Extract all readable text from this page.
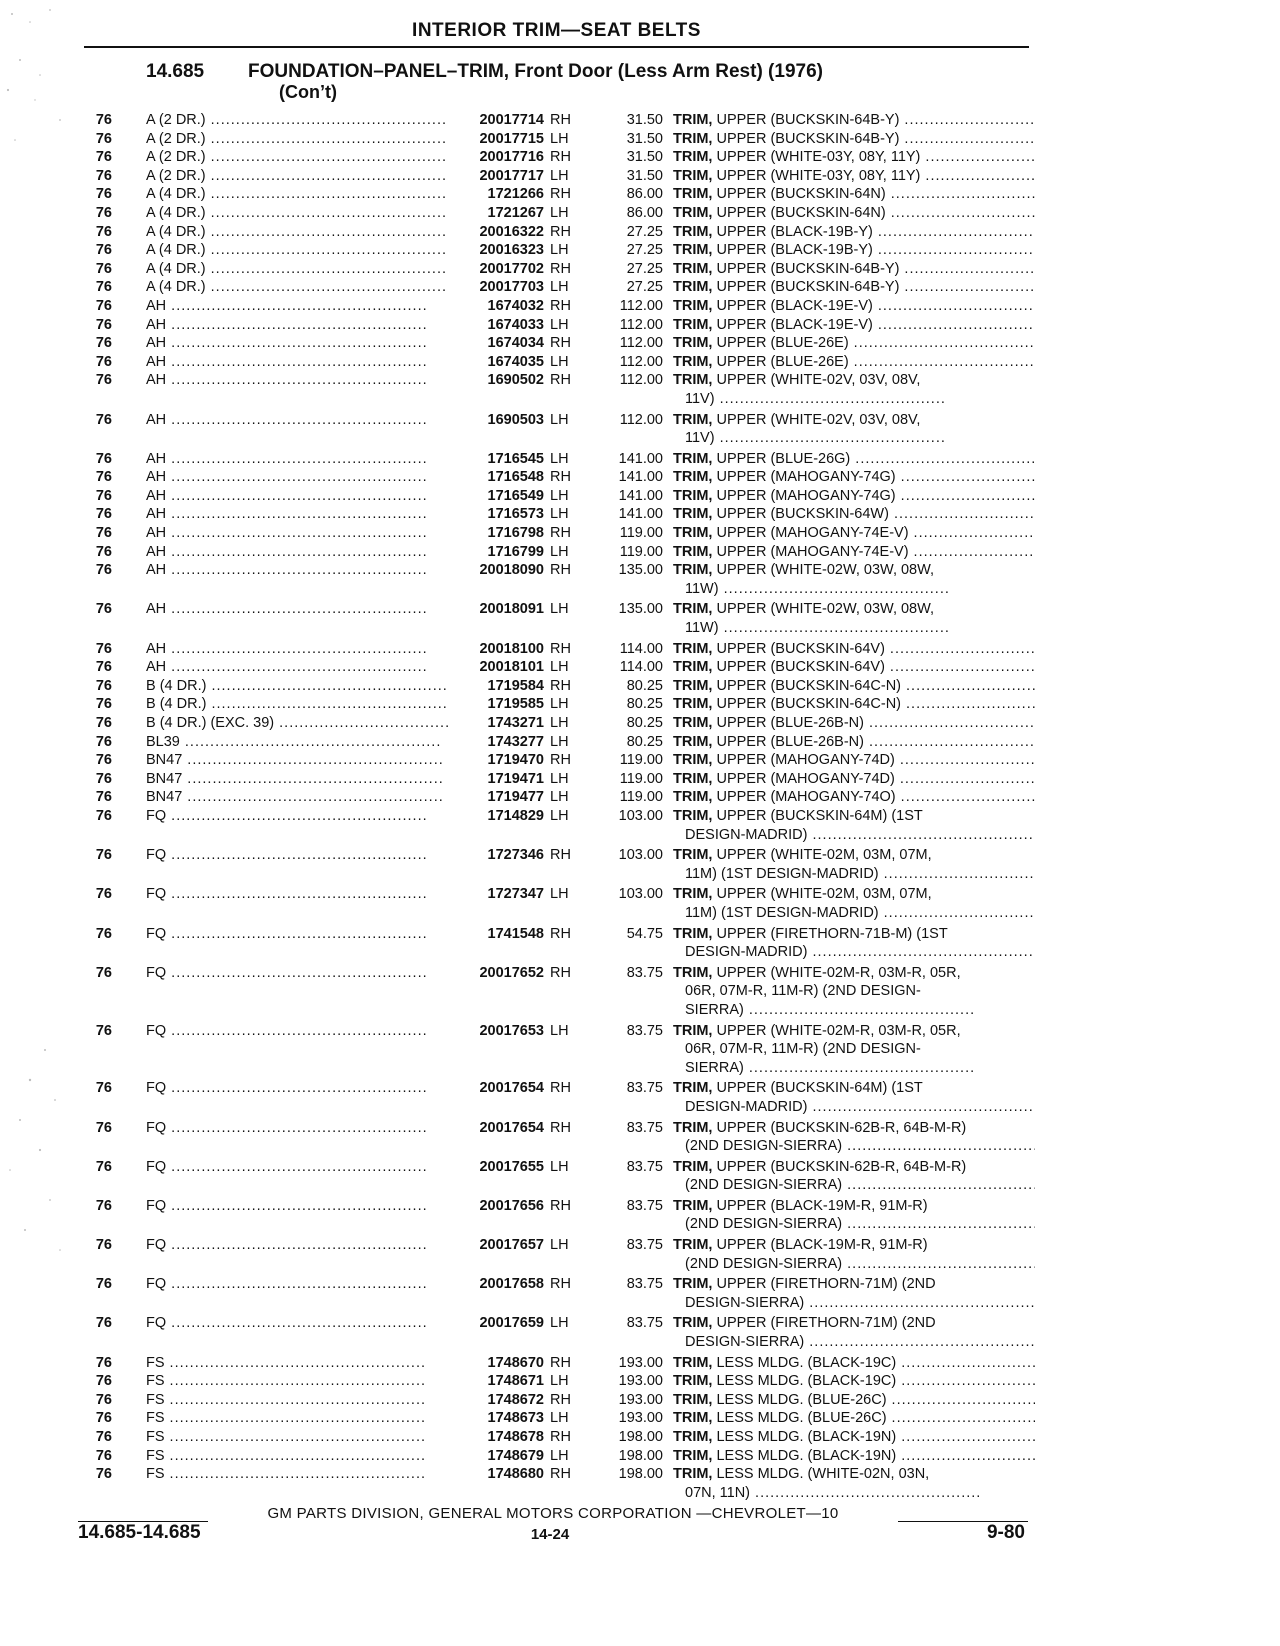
INTERIOR TRIM—SEAT BELTS
14.685 FOUNDATION–PANEL–TRIM, Front Door (Less Arm Rest) (1976)
(Con’t)
76 A (2 DR.) .....	20017714 RH	31.50 TRIM, UPPER (BUCKSKIN-64B-Y) .....
76 A (2 DR.) .....	20017715 LH	31.50 TRIM, UPPER (BUCKSKIN-64B-Y) .....
76 A (2 DR.) .....	20017716 RH	31.50 TRIM, UPPER (WHITE-03Y, 08Y, 11Y) .....
76 A (2 DR.) .....	20017717 LH	31.50 TRIM, UPPER (WHITE-03Y, 08Y, 11Y) .....
76 A (4 DR.) .....	1721266 RH	86.00 TRIM, UPPER (BUCKSKIN-64N) .....
76 A (4 DR.) .....	1721267 LH	86.00 TRIM, UPPER (BUCKSKIN-64N) .....
76 A (4 DR.) .....	20016322 RH	27.25 TRIM, UPPER (BLACK-19B-Y) .....
76 A (4 DR.) .....	20016323 LH	27.25 TRIM, UPPER (BLACK-19B-Y) .....
76 A (4 DR.) .....	20017702 RH	27.25 TRIM, UPPER (BUCKSKIN-64B-Y) .....
76 A (4 DR.) .....	20017703 LH	27.25 TRIM, UPPER (BUCKSKIN-64B-Y) .....
76 AH .....	1674032 RH	112.00 TRIM, UPPER (BLACK-19E-V) .....
76 AH .....	1674033 LH	112.00 TRIM, UPPER (BLACK-19E-V) .....
76 AH .....	1674034 RH	112.00 TRIM, UPPER (BLUE-26E) .....
76 AH .....	1674035 LH	112.00 TRIM, UPPER (BLUE-26E) .....
76 AH .....	1690502 RH	112.00 TRIM, UPPER (WHITE-02V, 03V, 08V,
11V) .....
76 AH .....	1690503 LH	112.00 TRIM, UPPER (WHITE-02V, 03V, 08V,
11V) .....
76 AH .....	1716545 LH	141.00 TRIM, UPPER (BLUE-26G) .....
76 AH .....	1716548 RH	141.00 TRIM, UPPER (MAHOGANY-74G) .....
76 AH .....	1716549 LH	141.00 TRIM, UPPER (MAHOGANY-74G) .....
76 AH .....	1716573 LH	141.00 TRIM, UPPER (BUCKSKIN-64W) .....
76 AH .....	1716798 RH	119.00 TRIM, UPPER (MAHOGANY-74E-V) .....
76 AH .....	1716799 LH	119.00 TRIM, UPPER (MAHOGANY-74E-V) .....
76 AH .....	20018090 RH	135.00 TRIM, UPPER (WHITE-02W, 03W, 08W,
11W) .....
76 AH .....	20018091 LH	135.00 TRIM, UPPER (WHITE-02W, 03W, 08W,
11W) .....
76 AH .....	20018100 RH	114.00 TRIM, UPPER (BUCKSKIN-64V) .....
76 AH .....	20018101 LH	114.00 TRIM, UPPER (BUCKSKIN-64V) .....
76 B (4 DR.) .....	1719584 RH	80.25 TRIM, UPPER (BUCKSKIN-64C-N) .....
76 B (4 DR.) .....	1719585 LH	80.25 TRIM, UPPER (BUCKSKIN-64C-N) .....
76 B (4 DR.) (EXC. 39) .....	1743271 LH	80.25 TRIM, UPPER (BLUE-26B-N) .....
76 BL39 .....	1743277 LH	80.25 TRIM, UPPER (BLUE-26B-N) .....
76 BN47 .....	1719470 RH	119.00 TRIM, UPPER (MAHOGANY-74D) .....
76 BN47 .....	1719471 LH	119.00 TRIM, UPPER (MAHOGANY-74D) .....
76 BN47 .....	1719477 LH	119.00 TRIM, UPPER (MAHOGANY-74O) .....
76 FQ .....	1714829 LH	103.00 TRIM, UPPER (BUCKSKIN-64M) (1ST
DESIGN-MADRID) .....
76 FQ .....	1727346 RH	103.00 TRIM, UPPER (WHITE-02M, 03M, 07M,
11M) (1ST DESIGN-MADRID) .....
76 FQ .....	1727347 LH	103.00 TRIM, UPPER (WHITE-02M, 03M, 07M,
11M) (1ST DESIGN-MADRID) .....
76 FQ .....	1741548 RH	54.75 TRIM, UPPER (FIRETHORN-71B-M) (1ST
DESIGN-MADRID) .....
76 FQ .....	20017652 RH	83.75 TRIM, UPPER (WHITE-02M-R, 03M-R, 05R,
06R, 07M-R, 11M-R) (2ND DESIGN-
SIERRA) .....
76 FQ .....	20017653 LH	83.75 TRIM, UPPER (WHITE-02M-R, 03M-R, 05R,
06R, 07M-R, 11M-R) (2ND DESIGN-
SIERRA) .....
76 FQ .....	20017654 RH	83.75 TRIM, UPPER (BUCKSKIN-64M) (1ST
DESIGN-MADRID) .....
76 FQ .....	20017654 RH	83.75 TRIM, UPPER (BUCKSKIN-62B-R, 64B-M-R)
(2ND DESIGN-SIERRA) .....
76 FQ .....	20017655 LH	83.75 TRIM, UPPER (BUCKSKIN-62B-R, 64B-M-R)
(2ND DESIGN-SIERRA) .....
76 FQ .....	20017656 RH	83.75 TRIM, UPPER (BLACK-19M-R, 91M-R)
(2ND DESIGN-SIERRA) .....
76 FQ .....	20017657 LH	83.75 TRIM, UPPER (BLACK-19M-R, 91M-R)
(2ND DESIGN-SIERRA) .....
76 FQ .....	20017658 RH	83.75 TRIM, UPPER (FIRETHORN-71M) (2ND
DESIGN-SIERRA) .....
76 FQ .....	20017659 LH	83.75 TRIM, UPPER (FIRETHORN-71M) (2ND
DESIGN-SIERRA) .....
76 FS .....	1748670 RH	193.00 TRIM, LESS MLDG. (BLACK-19C) .....
76 FS .....	1748671 LH	193.00 TRIM, LESS MLDG. (BLACK-19C) .....
76 FS .....	1748672 RH	193.00 TRIM, LESS MLDG. (BLUE-26C) .....
76 FS .....	1748673 LH	193.00 TRIM, LESS MLDG. (BLUE-26C) .....
76 FS .....	1748678 RH	198.00 TRIM, LESS MLDG. (BLACK-19N) .....
76 FS .....	1748679 LH	198.00 TRIM, LESS MLDG. (BLACK-19N) .....
76 FS .....	1748680 RH	198.00 TRIM, LESS MLDG. (WHITE-02N, 03N,
07N, 11N) .....
GM PARTS DIVISION, GENERAL MOTORS CORPORATION —CHEVROLET—10
14.685-14.685	14-24	9-80
